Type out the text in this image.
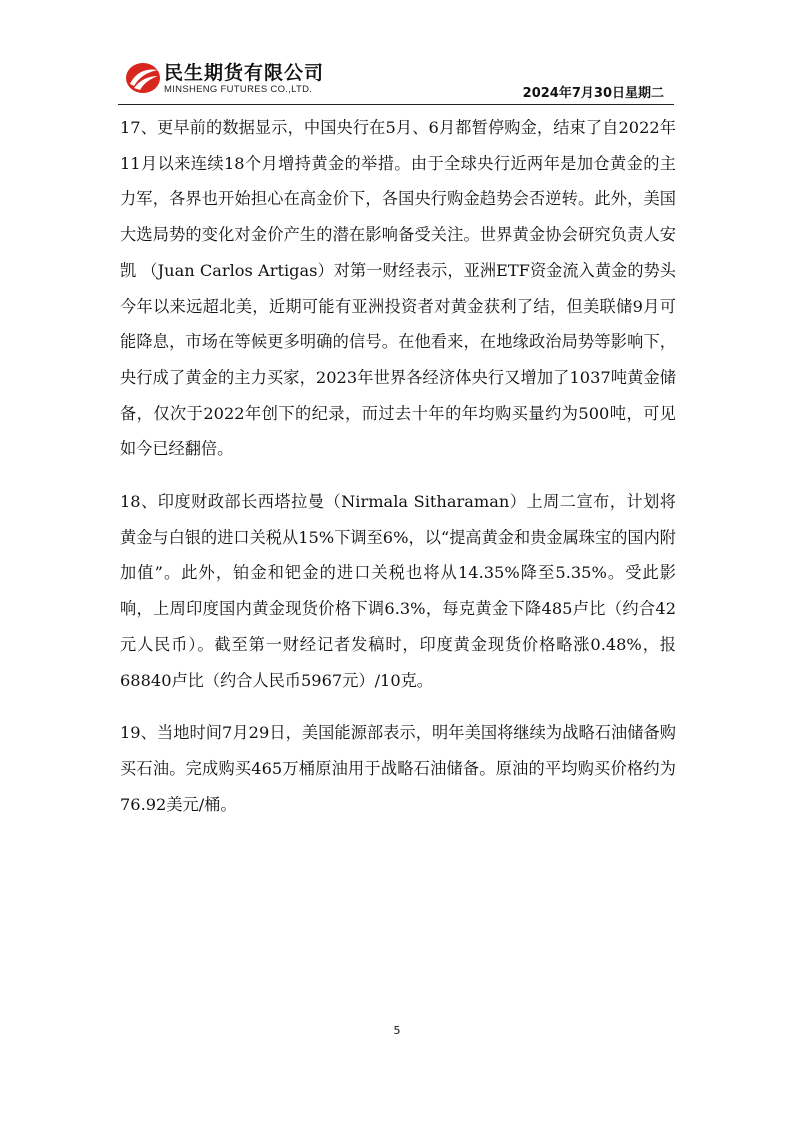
民生期货有限公司
MINSHENG FUTURES CO.,LTD.	2024年7月30日星期二

17、更早前的数据显示，中国央行在5月、6月都暂停购金，结束了自2022年11月以来连续18个月增持黄金的举措。由于全球央行近两年是加仓黄金的主力军，各界也开始担心在高金价下，各国央行购金趋势会否逆转。此外，美国大选局势的变化对金价产生的潜在影响备受关注。世界黄金协会研究负责人安凯 （Juan Carlos Artigas）对第一财经表示，亚洲ETF资金流入黄金的势头今年以来远超北美，近期可能有亚洲投资者对黄金获利了结，但美联储9月可能降息，市场在等候更多明确的信号。在他看来，在地缘政治局势等影响下，央行成了黄金的主力买家，2023年世界各经济体央行又增加了1037吨黄金储备，仅次于2022年创下的纪录，而过去十年的年均购买量约为500吨，可见如今已经翻倍。

18、印度财政部长西塔拉曼（Nirmala Sitharaman）上周二宣布，计划将黄金与白银的进口关税从15%下调至6%，以“提高黄金和贵金属珠宝的国内附加值”。此外，铂金和钯金的进口关税也将从14.35%降至5.35%。受此影响，上周印度国内黄金现货价格下调6.3%，每克黄金下降485卢比（约合42元人民币）。截至第一财经记者发稿时，印度黄金现货价格略涨0.48%，报68840卢比（约合人民币5967元）/10克。

19、当地时间7月29日，美国能源部表示，明年美国将继续为战略石油储备购买石油。完成购买465万桶原油用于战略石油储备。原油的平均购买价格约为76.92美元/桶。

5
